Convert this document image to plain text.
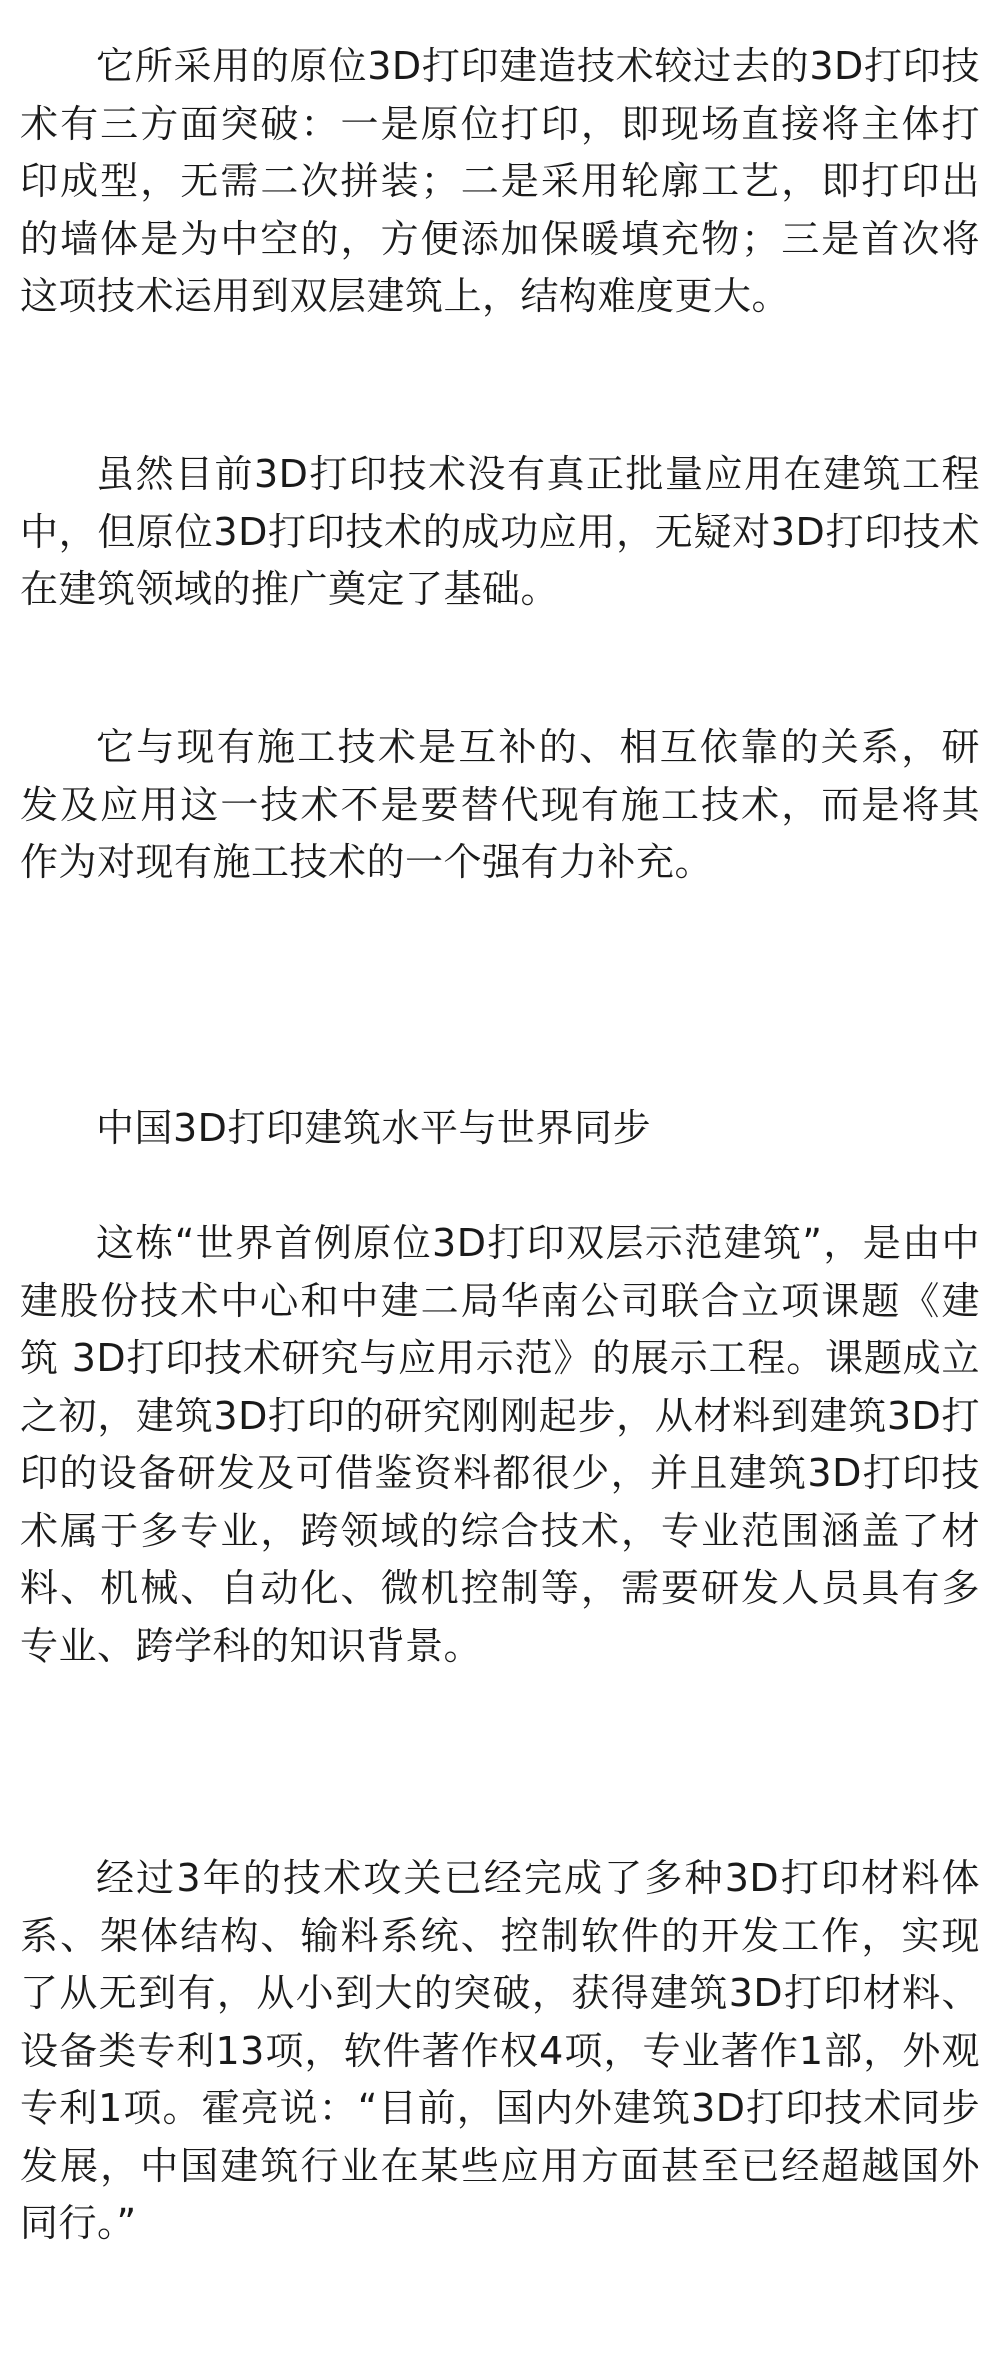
它所采用的原位3D打印建造技术较过去的3D打印技术有三方面突破：一是原位打印，即现场直接将主体打印成型，无需二次拼装；二是采用轮廓工艺，即打印出的墙体是为中空的，方便添加保暖填充物；三是首次将这项技术运用到双层建筑上，结构难度更大。

虽然目前3D打印技术没有真正批量应用在建筑工程中，但原位3D打印技术的成功应用，无疑对3D打印技术在建筑领域的推广奠定了基础。

它与现有施工技术是互补的、相互依靠的关系，研发及应用这一技术不是要替代现有施工技术，而是将其作为对现有施工技术的一个强有力补充。

中国3D打印建筑水平与世界同步

这栋“世界首例原位3D打印双层示范建筑”，是由中建股份技术中心和中建二局华南公司联合立项课题《建筑 3D打印技术研究与应用示范》的展示工程。课题成立之初，建筑3D打印的研究刚刚起步，从材料到建筑3D打印的设备研发及可借鉴资料都很少，并且建筑3D打印技术属于多专业，跨领域的综合技术，专业范围涵盖了材料、机械、自动化、微机控制等，需要研发人员具有多专业、跨学科的知识背景。

经过3年的技术攻关已经完成了多种3D打印材料体系、架体结构、输料系统、控制软件的开发工作，实现了从无到有，从小到大的突破，获得建筑3D打印材料、设备类专利13项，软件著作权4项，专业著作1部，外观专利1项。霍亮说：“目前，国内外建筑3D打印技术同步发展，中国建筑行业在某些应用方面甚至已经超越国外同行。”
